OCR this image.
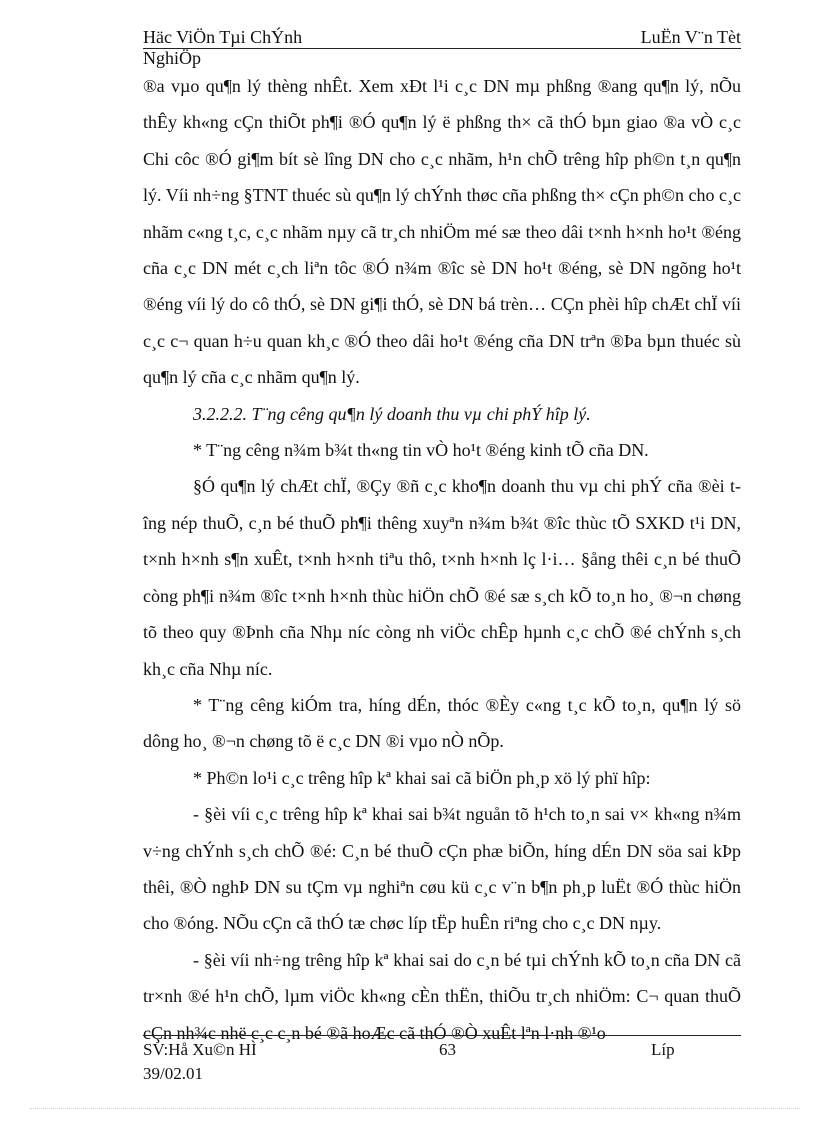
Häc ViÖn Tµi ChÝnh	LuËn V¨n Tèt

NghiÖp

®a vµo qu¶n lý thèng nhÊt. Xem xÐt l¹i c¸c DN mµ phßng ®ang qu¶n lý, nÕu thÊy kh«ng cÇn thiÕt ph¶i ®Ó qu¶n lý ë phßng th× cã thÓ bµn giao ®a vÒ c¸c Chi côc ®Ó gi¶m bít sè lîng DN cho c¸c nhãm, h¹n chÕ trêng hîp ph©n t¸n qu¶n lý. Víi nh÷ng §TNT thuéc sù qu¶n lý chÝnh thøc cña phßng th× cÇn ph©n cho c¸c nhãm c«ng t¸c, c¸c nhãm nµy cã tr¸ch nhiÖm mé sæ theo dâi t×nh h×nh ho¹t ®éng cña c¸c DN mét c¸ch liªn tôc ®Ó n¾m ®îc sè DN ho¹t ®éng, sè DN ngõng ho¹t ®éng víi lý do cô thÓ, sè DN gi¶i thÓ, sè DN bá trèn… CÇn phèi hîp chÆt chÏ víi c¸c c¬ quan h÷u quan kh¸c ®Ó theo dâi ho¹t ®éng cña DN trªn ®Þa bµn thuéc sù qu¶n lý cña c¸c nhãm qu¶n lý.

3.2.2.2. T¨ng cêng qu¶n lý doanh thu vµ chi phÝ hîp lý.

* T¨ng cêng n¾m b¾t th«ng tin vÒ ho¹t ®éng kinh tÕ cña DN.

§Ó qu¶n lý chÆt chÏ, ®Çy ®ñ c¸c kho¶n doanh thu vµ chi phÝ cña ®èi tîng nép thuÕ, c¸n bé thuÕ ph¶i thêng xuyªn n¾m b¾t ®îc thùc tÕ SXKD t¹i DN, t×nh h×nh s¶n xuÊt, t×nh h×nh tiªu thô, t×nh h×nh lç l·i… §ång thêi c¸n bé thuÕ còng ph¶i n¾m ®îc t×nh h×nh thùc hiÖn chÕ ®é sæ s¸ch kÕ to¸n ho¸ ®¬n chøng tõ theo quy ®Þnh cña Nhµ níc còng nh viÖc chÊp hµnh c¸c chÕ ®é chÝnh s¸ch kh¸c cña Nhµ níc.

* T¨ng cêng kiÓm tra, híng dÉn, thóc ®Èy c«ng t¸c kÕ to¸n, qu¶n lý sö dông ho¸ ®¬n chøng tõ ë c¸c DN ®i vµo nÒ nÕp.

* Ph©n lo¹i c¸c trêng hîp kª khai sai cã biÖn ph¸p xö lý phï hîp:

- §èi víi c¸c trêng hîp kª khai sai b¾t nguån tõ h¹ch to¸n sai v× kh«ng n¾m v÷ng chÝnh s¸ch chÕ ®é: C¸n bé thuÕ cÇn phæ biÕn, híng dÉn DN söa sai kÞp thêi, ®Ò nghÞ DN su tÇm vµ nghiªn cøu kü c¸c v¨n b¶n ph¸p luËt ®Ó thùc hiÖn cho ®óng. NÕu cÇn cã thÓ tæ chøc líp tËp huÊn riªng cho c¸c DN nµy.

- §èi víi nh÷ng trêng hîp kª khai sai do c¸n bé tµi chÝnh kÕ to¸n cña DN cã tr×nh ®é h¹n chÕ, lµm viÖc kh«ng cÈn thËn, thiÕu tr¸ch nhiÖm: C¬ quan thuÕ cÇn nh¾c nhë c¸c c¸n bé ®ã hoÆc cã thÓ ®Ò xuÊt lªn l·nh ®¹o

SV:Hå Xu©n HÌ	63	Líp
39/02.01
